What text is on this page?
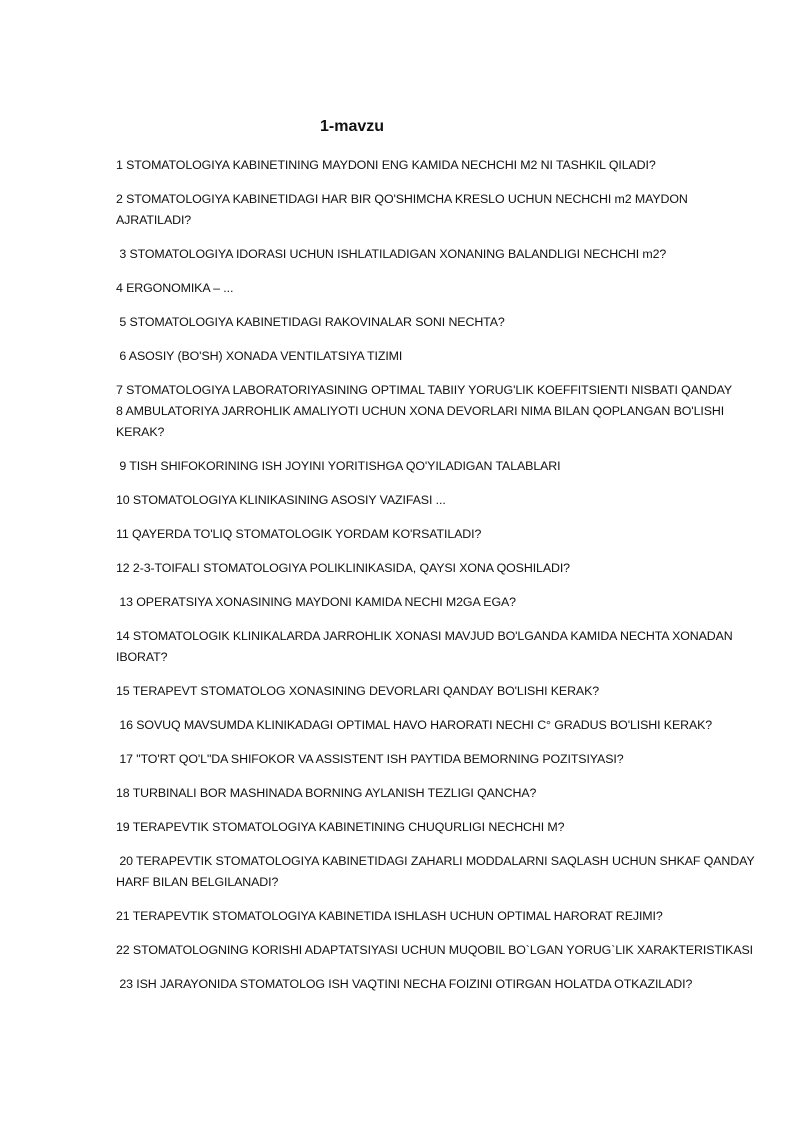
1-mavzu
1 STOMATOLOGIYA KABINETINING MAYDONI ENG KAMIDA NECHCHI M2 NI TASHKIL QILADI?
2 STOMATOLOGIYA KABINETIDAGI HAR BIR QO'SHIMCHA KRESLO UCHUN NECHCHI m2 MAYDON AJRATILADI?
3 STOMATOLOGIYA IDORASI UCHUN ISHLATILADIGAN XONANING BALANDLIGI NECHCHI m2?
4 ERGONOMIKA – ...
5 STOMATOLOGIYA KABINETIDAGI RAKOVINALAR SONI NECHTA?
6 ASOSIY (BO'SH) XONADA VENTILATSIYA TIZIMI
7 STOMATOLOGIYA LABORATORIYASINING OPTIMAL TABIIY YORUG'LIK KOEFFITSIENTI NISBATI QANDAY
8 AMBULATORIYA JARROHLIK AMALIYOTI UCHUN XONA DEVORLARI NIMA BILAN QOPLANGAN BO'LISHI KERAK?
9 TISH SHIFOKORINING ISH JOYINI YORITISHGA QO'YILADIGAN TALABLARI
10 STOMATOLOGIYA KLINIKASINING ASOSIY VAZIFASI ...
11 QAYERDA TO'LIQ STOMATOLOGIK YORDAM KO'RSATILADI?
12 2-3-TOIFALI STOMATOLOGIYA POLIKLINIKASIDA, QAYSI XONA QOSHILADI?
13 OPERATSIYA XONASINING MAYDONI KAMIDA NECHI M2GA EGA?
14 STOMATOLOGIK KLINIKALARDA JARROHLIK XONASI MAVJUD BO'LGANDA KAMIDA NECHTA XONADAN IBORAT?
15 TERAPEVT STOMATOLOG XONASINING DEVORLARI QANDAY BO'LISHI KERAK?
16 SOVUQ MAVSUMDA KLINIKADAGI OPTIMAL HAVO HARORATI NECHI C° GRADUS BO'LISHI KERAK?
17 "TO'RT QO'L"DA SHIFOKOR VA ASSISTENT ISH PAYTIDA BEMORNING POZITSIYASI?
18 TURBINALI BOR MASHINADA BORNING AYLANISH TEZLIGI QANCHA?
19 TERAPEVTIK STOMATOLOGIYA KABINETINING CHUQURLIGI NECHCHI M?
20 TERAPEVTIK STOMATOLOGIYA KABINETIDAGI ZAHARLI MODDALARNI SAQLASH UCHUN SHKAF QANDAY HARF BILAN BELGILANADI?
21 TERAPEVTIK STOMATOLOGIYA KABINETIDA ISHLASH UCHUN OPTIMAL HARORAT REJIMI?
22 STOMATOLOGNING KORISHI ADAPTATSIYASI UCHUN MUQOBIL BO`LGAN YORUG`LIK XARAKTERISTIKASI
23 ISH JARAYONIDA STOMATOLOG ISH VAQTINI NECHA FOIZINI OTIRGAN HOLATDA OTKAZILADI?
